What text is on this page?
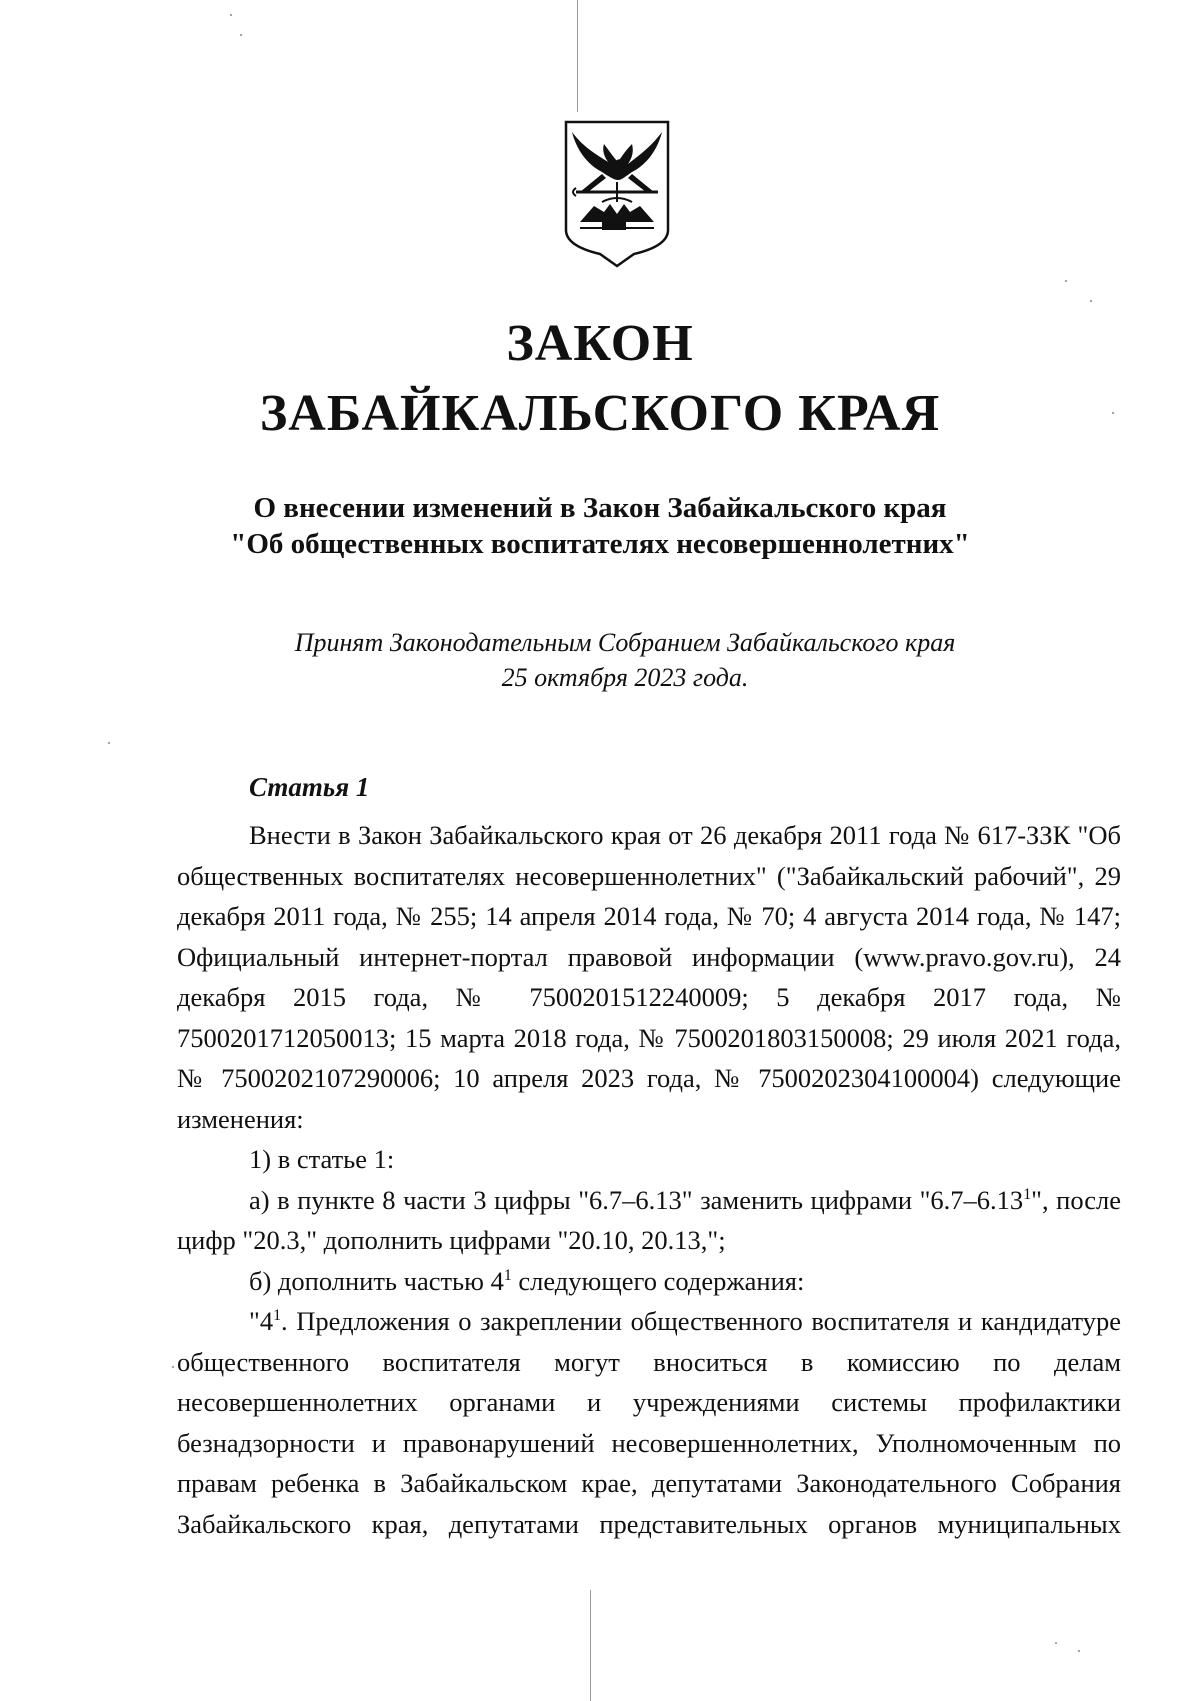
ЗАКОН
ЗАБАЙКАЛЬСКОГО КРАЯ
О внесении изменений в Закон Забайкальского края
"Об общественных воспитателях несовершеннолетних"
Принят Законодательным Собранием Забайкальского края
25 октября 2023 года.
Статья 1

Внести в Закон Забайкальского края от 26 декабря 2011 года № 617-ЗЗК "Об общественных воспитателях несовершеннолетних" ("Забайкальский рабочий", 29 декабря 2011 года, № 255; 14 апреля 2014 года, № 70; 4 августа 2014 года, № 147; Официальный интернет-портал правовой информации (www.pravo.gov.ru), 24 декабря 2015 года, № 7500201512240009; 5 декабря 2017 года, № 7500201712050013; 15 марта 2018 года, № 7500201803150008; 29 июля 2021 года, № 7500202107290006; 10 апреля 2023 года, № 7500202304100004) следующие изменения:

1) в статье 1:

а) в пункте 8 части 3 цифры "6.7–6.13" заменить цифрами "6.7–6.13$^1$", после цифр "20.3," дополнить цифрами "20.10, 20.13,";

б) дополнить частью $4^1$ следующего содержания:

"$4^1$. Предложения о закреплении общественного воспитателя и кандидатуре общественного воспитателя могут вноситься в комиссию по делам несовершеннолетних органами и учреждениями системы профилактики безнадзорности и правонарушений несовершеннолетних, Уполномоченным по правам ребенка в Забайкальском крае, депутатами Законодательного Собрания Забайкальского края, депутатами представительных органов муниципальных
